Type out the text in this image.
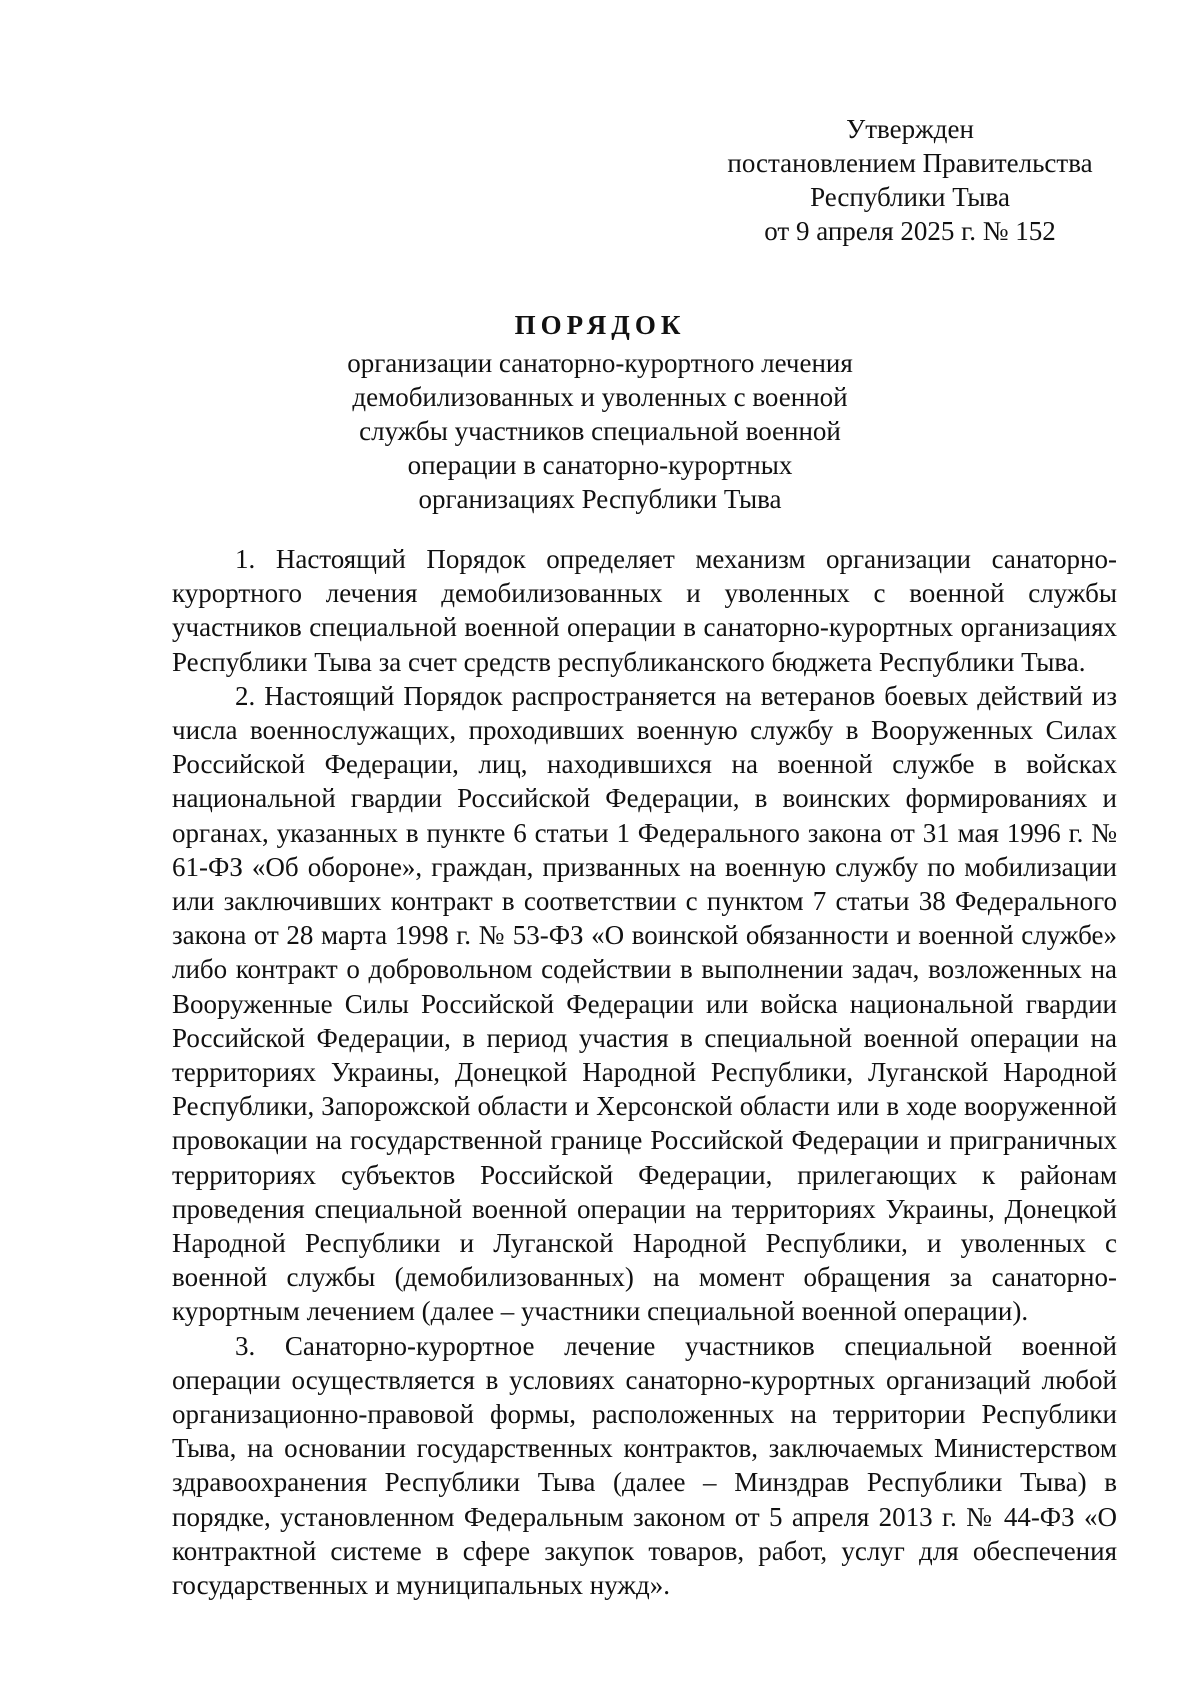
Утвержден
постановлением Правительства
Республики Тыва
от 9 апреля 2025 г. № 152
ПОРЯДОК
организации санаторно-курортного лечения
демобилизованных и уволенных с военной
службы участников специальной военной
операции в санаторно-курортных
организациях Республики Тыва

1. Настоящий Порядок определяет механизм организации санаторно-курортного лечения демобилизованных и уволенных с военной службы участников специальной военной операции в санаторно-курортных организациях Республики Тыва за счет средств республиканского бюджета Республики Тыва.

2. Настоящий Порядок распространяется на ветеранов боевых действий из числа военнослужащих, проходивших военную службу в Вооруженных Силах Российской Федерации, лиц, находившихся на военной службе в войсках национальной гвардии Российской Федерации, в воинских формированиях и органах, указанных в пункте 6 статьи 1 Федерального закона от 31 мая 1996 г. № 61-ФЗ «Об обороне», граждан, призванных на военную службу по мобилизации или заключивших контракт в соответствии с пунктом 7 статьи 38 Федерального закона от 28 марта 1998 г. № 53-ФЗ «О воинской обязанности и военной службе» либо контракт о добровольном содействии в выполнении задач, возложенных на Вооруженные Силы Российской Федерации или войска национальной гвардии Российской Федерации, в период участия в специальной военной операции на территориях Украины, Донецкой Народной Республики, Луганской Народной Республики, Запорожской области и Херсонской области или в ходе вооруженной провокации на государственной границе Российской Федерации и приграничных территориях субъектов Российской Федерации, прилегающих к районам проведения специальной военной операции на территориях Украины, Донецкой Народной Республики и Луганской Народной Республики, и уволенных с военной службы (демобилизованных) на момент обращения за санаторно-курортным лечением (далее – участники специальной военной операции).

3. Санаторно-курортное лечение участников специальной военной операции осуществляется в условиях санаторно-курортных организаций любой организационно-правовой формы, расположенных на территории Республики Тыва, на основании государственных контрактов, заключаемых Министерством здравоохранения Республики Тыва (далее – Минздрав Республики Тыва) в порядке, установленном Федеральным законом от 5 апреля 2013 г. № 44-ФЗ «О контрактной системе в сфере закупок товаров, работ, услуг для обеспечения государственных и муниципальных нужд».
